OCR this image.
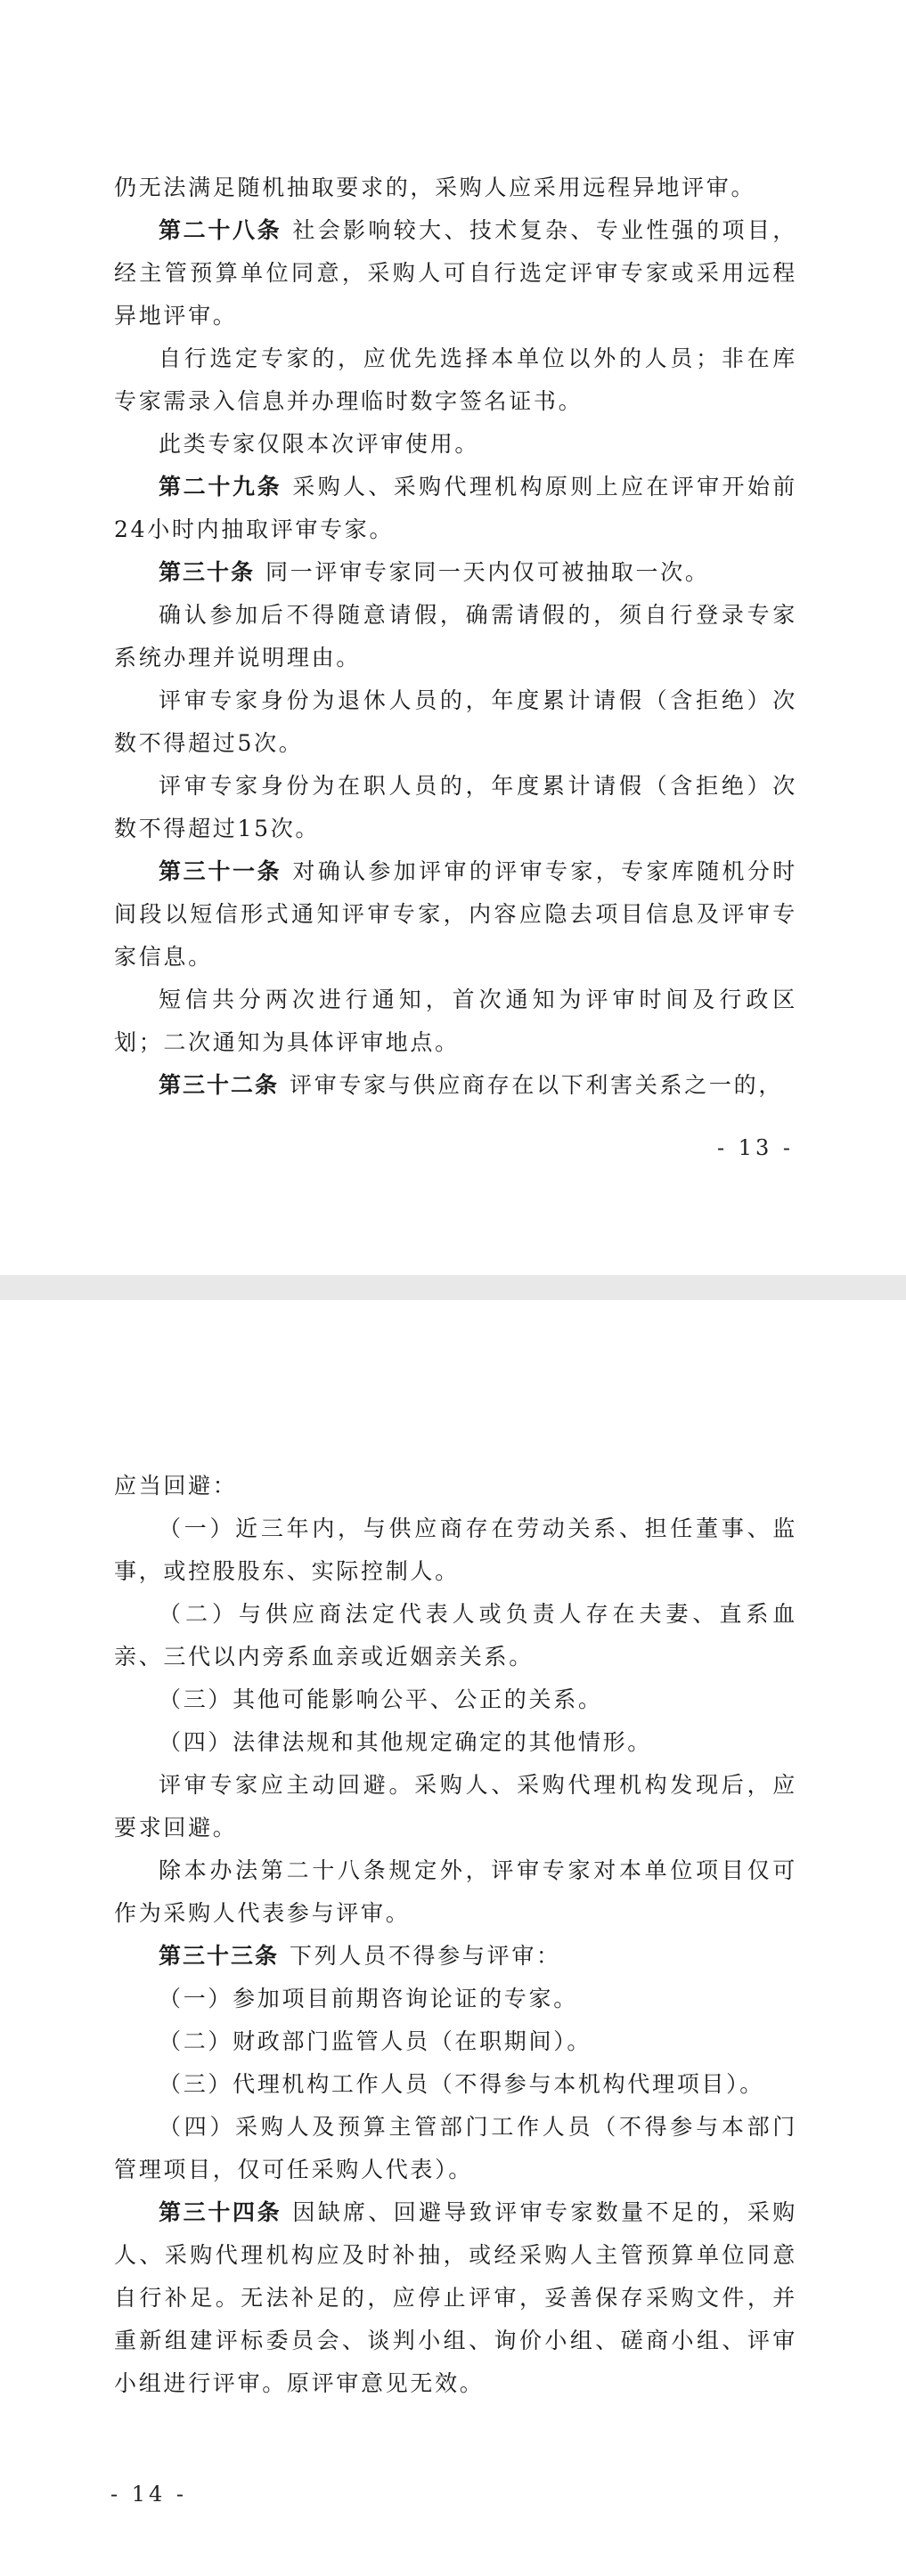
仍无法满足随机抽取要求的，采购人应采用远程异地评审。

第二十八条 社会影响较大、技术复杂、专业性强的项目，经主管预算单位同意，采购人可自行选定评审专家或采用远程异地评审。

自行选定专家的，应优先选择本单位以外的人员；非在库专家需录入信息并办理临时数字签名证书。

此类专家仅限本次评审使用。

第二十九条 采购人、采购代理机构原则上应在评审开始前24小时内抽取评审专家。

第三十条 同一评审专家同一天内仅可被抽取一次。

确认参加后不得随意请假，确需请假的，须自行登录专家系统办理并说明理由。

评审专家身份为退休人员的，年度累计请假（含拒绝）次数不得超过5次。

评审专家身份为在职人员的，年度累计请假（含拒绝）次数不得超过15次。

第三十一条 对确认参加评审的评审专家，专家库随机分时间段以短信形式通知评审专家，内容应隐去项目信息及评审专家信息。

短信共分两次进行通知，首次通知为评审时间及行政区划；二次通知为具体评审地点。

第三十二条 评审专家与供应商存在以下利害关系之一的，

- 13 -

应当回避：

（一）近三年内，与供应商存在劳动关系、担任董事、监事，或控股股东、实际控制人。

（二）与供应商法定代表人或负责人存在夫妻、直系血亲、三代以内旁系血亲或近姻亲关系。

（三）其他可能影响公平、公正的关系。

（四）法律法规和其他规定确定的其他情形。

评审专家应主动回避。采购人、采购代理机构发现后，应要求回避。

除本办法第二十八条规定外，评审专家对本单位项目仅可作为采购人代表参与评审。

第三十三条 下列人员不得参与评审：

（一）参加项目前期咨询论证的专家。

（二）财政部门监管人员（在职期间）。

（三）代理机构工作人员（不得参与本机构代理项目）。

（四）采购人及预算主管部门工作人员（不得参与本部门管理项目，仅可任采购人代表）。

第三十四条 因缺席、回避导致评审专家数量不足的，采购人、采购代理机构应及时补抽，或经采购人主管预算单位同意自行补足。无法补足的，应停止评审，妥善保存采购文件，并重新组建评标委员会、谈判小组、询价小组、磋商小组、评审小组进行评审。原评审意见无效。

- 14 -
